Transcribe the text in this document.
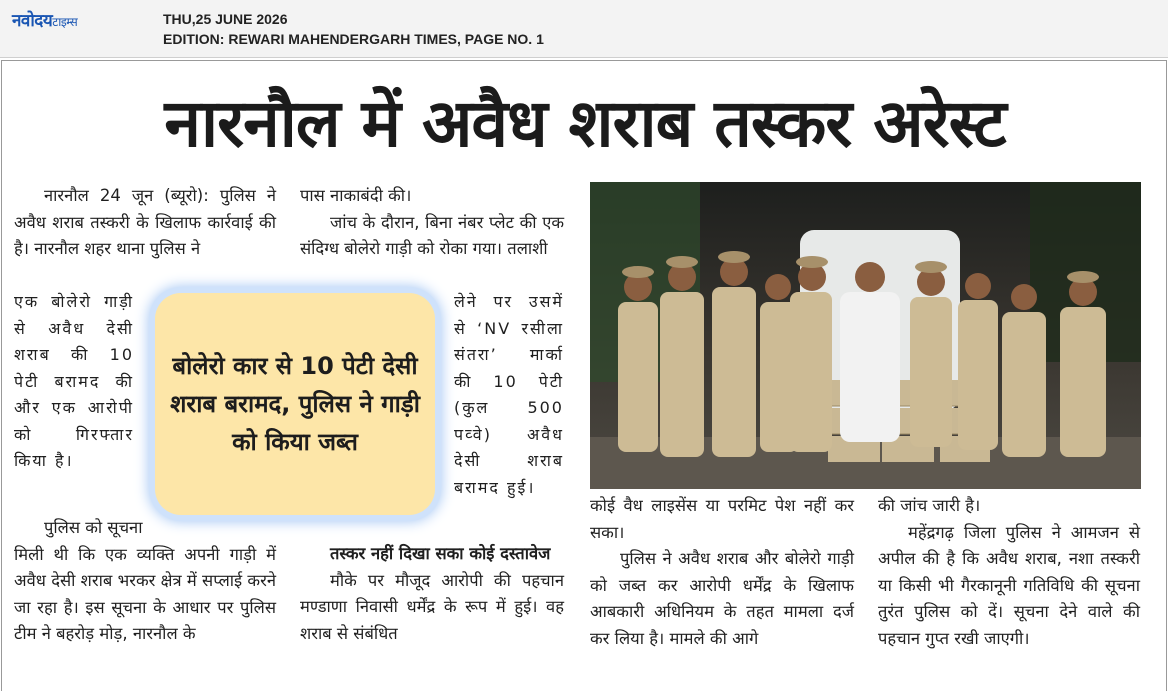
नवोदयटाइम्स	THU,25 JUNE 2026
EDITION: REWARI MAHENDERGARH TIMES, PAGE NO. 1
नारनौल में अवैध शराब तस्कर अरेस्ट

नारनौल 24 जून (ब्यूरो): पुलिस ने अवैध शराब तस्करी के खिलाफ कार्रवाई की है। नारनौल शहर थाना पुलिस ने

एक बोलेरो गाड़ी से अवैध देसी शराब की 10 पेटी बरामद की और एक आरोपी को गिरफ्तार किया है।

पुलिस को सूचना

मिली थी कि एक व्यक्ति अपनी गाड़ी में अवैध देसी शराब भरकर क्षेत्र में सप्लाई करने जा रहा है। इस सूचना के आधार पर पुलिस टीम ने बहरोड़ मोड़, नारनौल के

पास नाकाबंदी की।

जांच के दौरान, बिना नंबर प्लेट की एक संदिग्ध बोलेरो गाड़ी को रोका गया। तलाशी

लेने पर उसमें से ‘NV रसीला संतरा’ मार्का की 10 पेटी (कुल 500 पव्वे) अवैध देसी शराब बरामद हुई।

तस्कर नहीं दिखा सका कोई दस्तावेज

मौके पर मौजूद आरोपी की पहचान मण्डाणा निवासी धर्मेंद्र के रूप में हुई। वह शराब से संबंधित

कोई वैध लाइसेंस या परमिट पेश नहीं कर सका।

पुलिस ने अवैध शराब और बोलेरो गाड़ी को जब्त कर आरोपी धर्मेंद्र के खिलाफ आबकारी अधिनियम के तहत मामला दर्ज कर लिया है। मामले की आगे

की जांच जारी है।

महेंद्रगढ़ जिला पुलिस ने आमजन से अपील की है कि अवैध शराब, नशा तस्करी या किसी भी गैरकानूनी गतिविधि की सूचना तुरंत पुलिस को दें। सूचना देने वाले की पहचान गुप्त रखी जाएगी।

बोलेरो कार से 10 पेटी देसी शराब बरामद, पुलिस ने गाड़ी को किया जब्त
